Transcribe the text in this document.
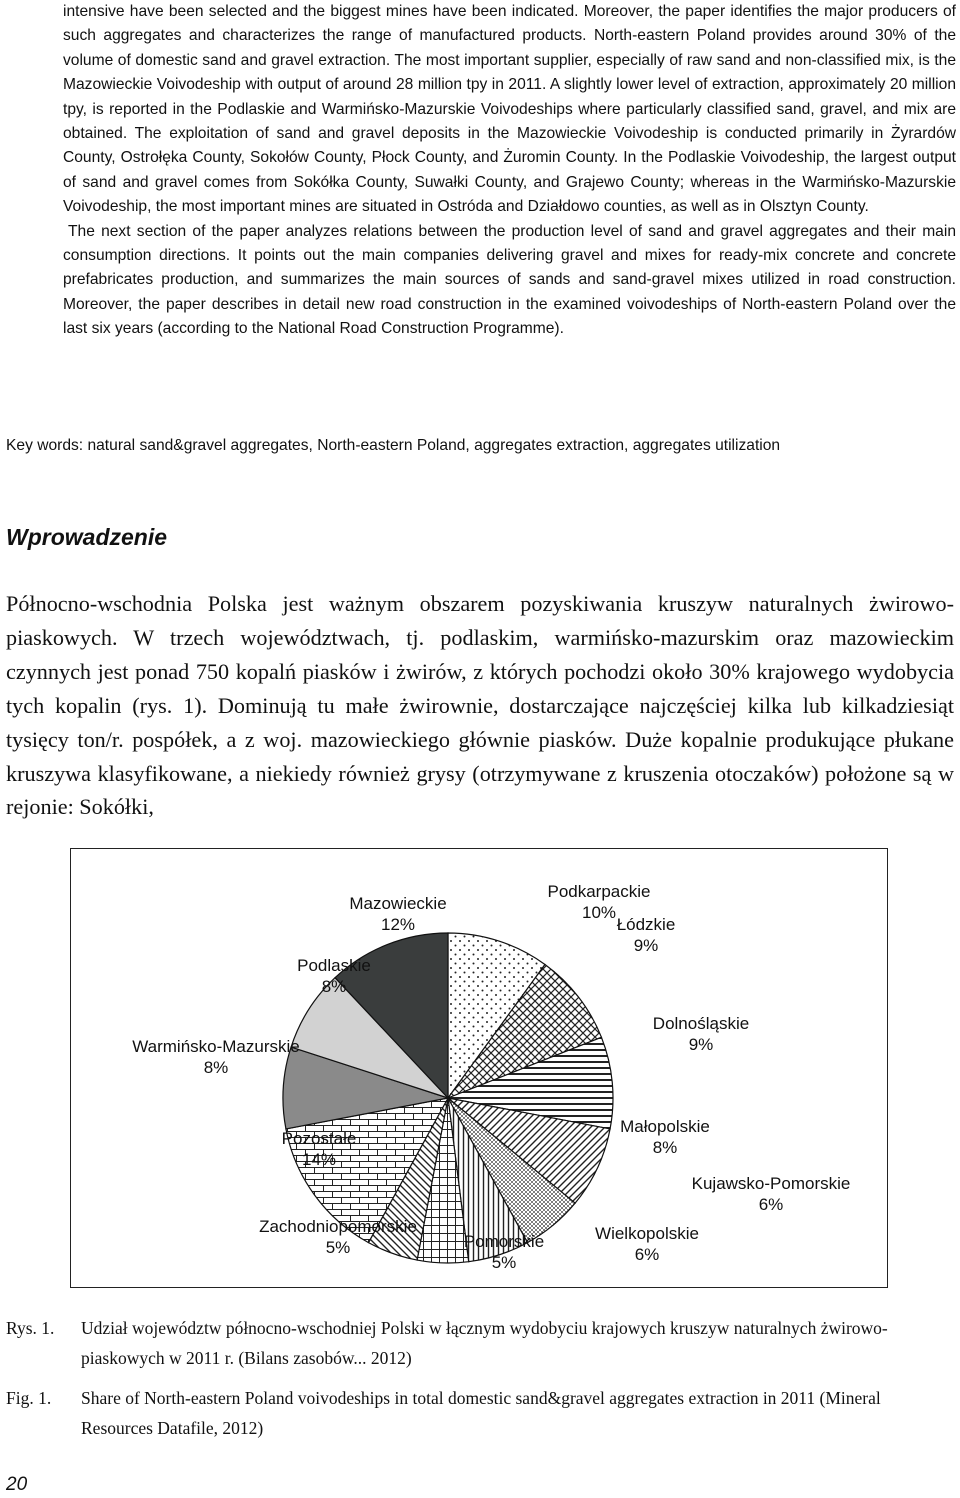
intensive have been selected and the biggest mines have been indicated. Moreover, the paper identifies the major producers of such aggregates and characterizes the range of manufactured products. North-eastern Poland provides around 30% of the volume of domestic sand and gravel extraction. The most important supplier, especially of raw sand and non-classified mix, is the Mazowieckie Voivodeship with output of around 28 million tpy in 2011. A slightly lower level of extraction, approximately 20 million tpy, is reported in the Podlaskie and Warmińsko-Mazurskie Voivodeships where particularly classified sand, gravel, and mix are obtained. The exploitation of sand and gravel deposits in the Mazowieckie Voivodeship is conducted primarily in Żyrardów County, Ostrołęka County, Sokołów County, Płock County, and Żuromin County. In the Podlaskie Voivodeship, the largest output of sand and gravel comes from Sokółka County, Suwałki County, and Grajewo County; whereas in the Warmińsko-Mazurskie Voivodeship, the most important mines are situated in Ostróda and Działdowo counties, as well as in Olsztyn County.

The next section of the paper analyzes relations between the production level of sand and gravel aggregates and their main consumption directions. It points out the main companies delivering gravel and mixes for ready-mix concrete and concrete prefabricates production, and summarizes the main sources of sands and sand-gravel mixes utilized in road construction. Moreover, the paper describes in detail new road construction in the examined voivodeships of North-eastern Poland over the last six years (according to the National Road Construction Programme).

Key words: natural sand&gravel aggregates, North-eastern Poland, aggregates extraction, aggregates utilization
Wprowadzenie

Północno-wschodnia Polska jest ważnym obszarem pozyskiwania kruszyw naturalnych żwirowo-piaskowych. W trzech województwach, tj. podlaskim, warmińsko-mazurskim oraz mazowieckim czynnych jest ponad 750 kopalń piasków i żwirów, z których pochodzi około 30% krajowego wydobycia tych kopalin (rys. 1). Dominują tu małe żwirownie, dostarczające najczęściej kilka lub kilkadziesiąt tysięcy ton/r. pospółek, a z woj. mazowieckiego głównie piasków. Duże kopalnie produkujące płukane kruszywa klasyfikowane, a niekiedy również grysy (otrzymywane z kruszenia otoczaków) położone są w rejonie: Sokółki,

Podkarpackie 10%
Łódzkie 9%
Dolnośląskie 9%
Małopolskie 8%
Kujawsko-Pomorskie 6%
Wielkopolskie 6%
Pomorskie 5%
Zachodniopomorskie 5%
Pozostałe 14%
Warmińsko-Mazurskie 8%
Podlaskie 8%
Mazowieckie 12%
Rys. 1. Udział województw północno-wschodniej Polski w łącznym wydobyciu krajowych kruszyw naturalnych żwirowo-piaskowych w 2011 r. (Bilans zasobów... 2012)
Fig. 1. Share of North-eastern Poland voivodeships in total domestic sand&gravel aggregates extraction in 2011 (Mineral Resources Datafile, 2012)
20
